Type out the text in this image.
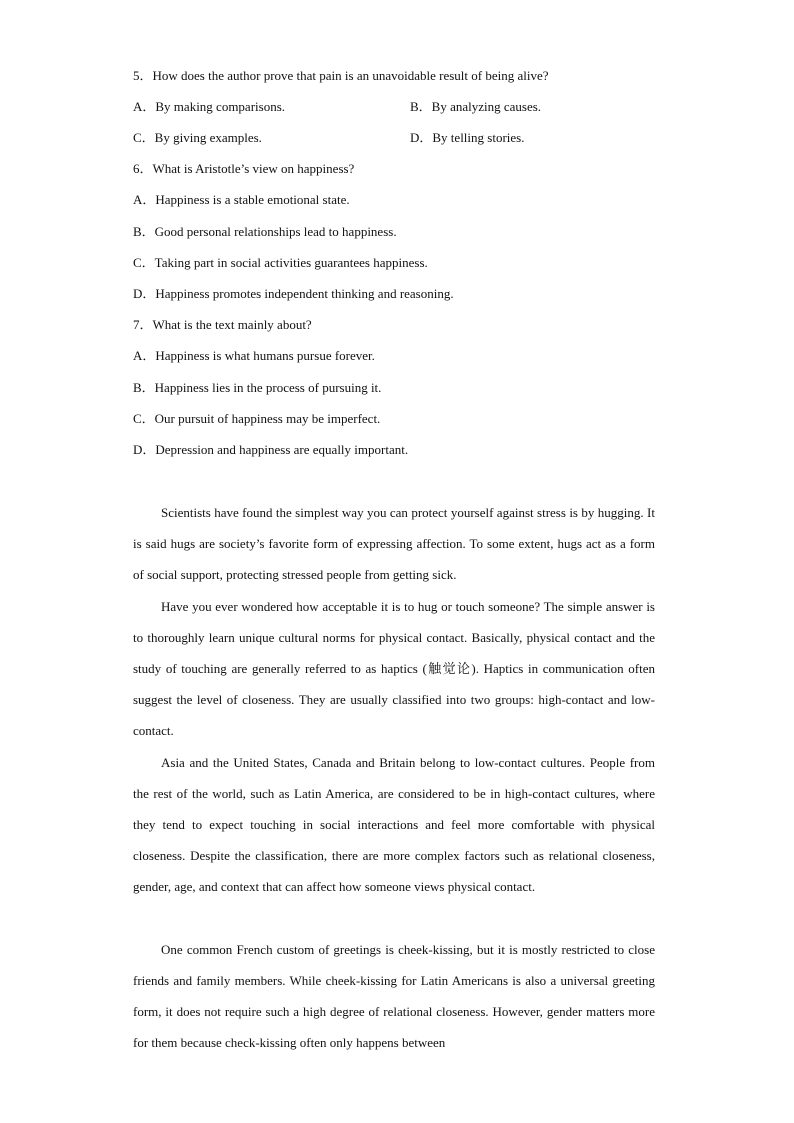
5．How does the author prove that pain is an unavoidable result of being alive?
A．By making comparisons.	B．By analyzing causes.
C．By giving examples.	D．By telling stories.
6．What is Aristotle’s view on happiness?
A．Happiness is a stable emotional state.
B．Good personal relationships lead to happiness.
C．Taking part in social activities guarantees happiness.
D．Happiness promotes independent thinking and reasoning.
7．What is the text mainly about?
A．Happiness is what humans pursue forever.
B．Happiness lies in the process of pursuing it.
C．Our pursuit of happiness may be imperfect.
D．Depression and happiness are equally important.
Scientists have found the simplest way you can protect yourself against stress is by hugging. It is said hugs are society’s favorite form of expressing affection. To some extent, hugs act as a form of social support, protecting stressed people from getting sick.
Have you ever wondered how acceptable it is to hug or touch someone? The simple answer is to thoroughly learn unique cultural norms for physical contact. Basically, physical contact and the study of touching are generally referred to as haptics (触觉论). Haptics in communication often suggest the level of closeness. They are usually classified into two groups: high-contact and low-contact.
Asia and the United States, Canada and Britain belong to low-contact cultures. People from the rest of the world, such as Latin America, are considered to be in high-contact cultures, where they tend to expect touching in social interactions and feel more comfortable with physical closeness. Despite the classification, there are more complex factors such as relational closeness, gender, age, and context that can affect how someone views physical contact.
One common French custom of greetings is cheek-kissing, but it is mostly restricted to close friends and family members. While cheek-kissing for Latin Americans is also a universal greeting form, it does not require such a high degree of relational closeness. However, gender matters more for them because check-kissing often only happens between
